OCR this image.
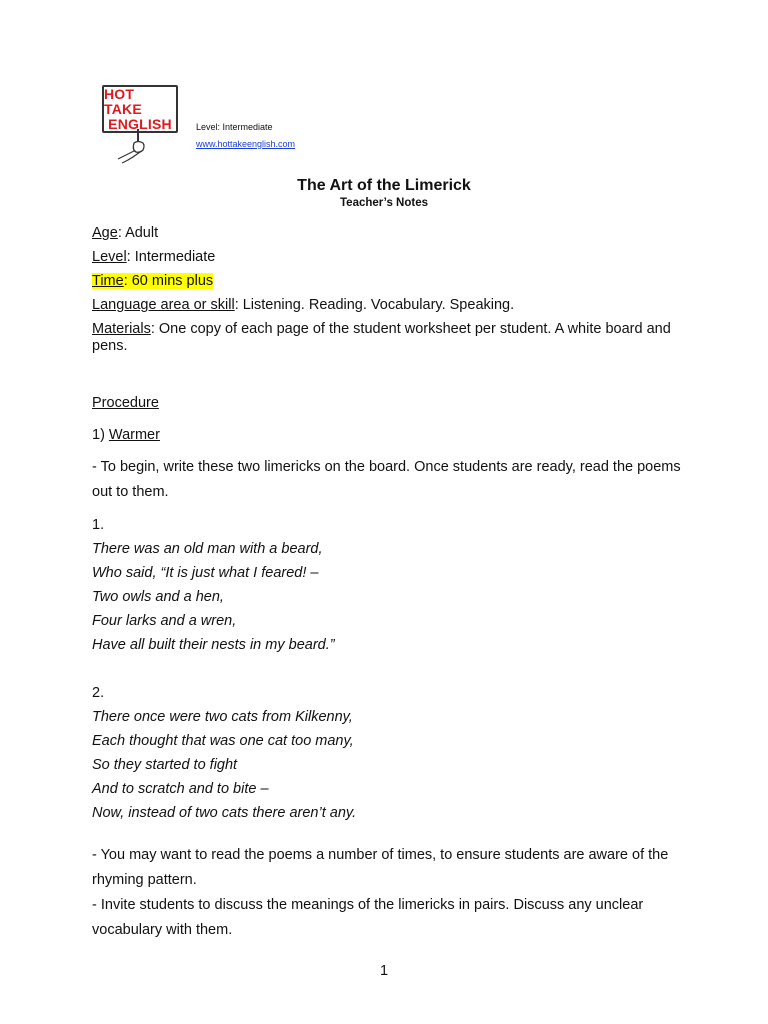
HOT TAKE
ENGLISH	Level: Intermediate
www.hottakeenglish.com
The Art of the Limerick
Teacher’s Notes
Age: Adult
Level: Intermediate
Time: 60 mins plus
Language area or skill: Listening. Reading. Vocabulary. Speaking.
Materials: One copy of each page of the student worksheet per student. A white board and pens.
Procedure
1) Warmer
- To begin, write these two limericks on the board. Once students are ready, read the poems out to them.
1.
There was an old man with a beard,
Who said, “It is just what I feared! –
Two owls and a hen,
Four larks and a wren,
Have all built their nests in my beard.”
2.
There once were two cats from Kilkenny,
Each thought that was one cat too many,
So they started to fight
And to scratch and to bite –
Now, instead of two cats there aren’t any.
- You may want to read the poems a number of times, to ensure students are aware of the rhyming pattern.
- Invite students to discuss the meanings of the limericks in pairs. Discuss any unclear vocabulary with them.
1
